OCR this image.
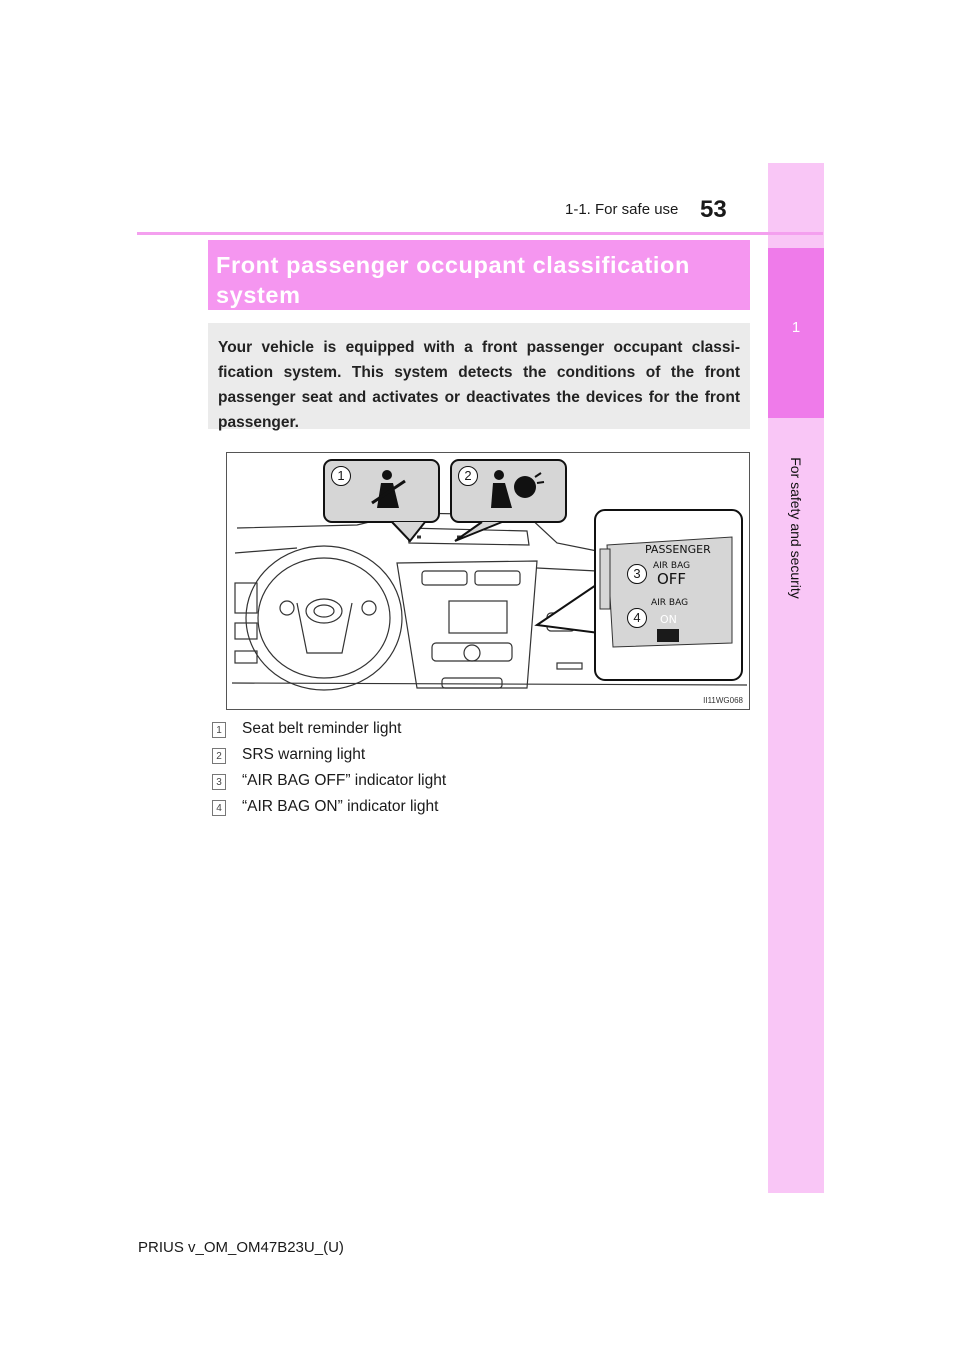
1
For safety and security
1-1. For safe use 53
Front passenger occupant classification
system

Your vehicle is equipped with a front passenger occupant classi-fication system. This system detects the conditions of the front passenger seat and activates or deactivates the devices for the front passenger.

1	2
3
4
PASSENGER
AIR BAG
OFF
AIR BAG
ON
II11WG068
1 Seat belt reminder light
2 SRS warning light
3 “AIR BAG OFF” indicator light
4 “AIR BAG ON” indicator light
PRIUS v_OM_OM47B23U_(U)
